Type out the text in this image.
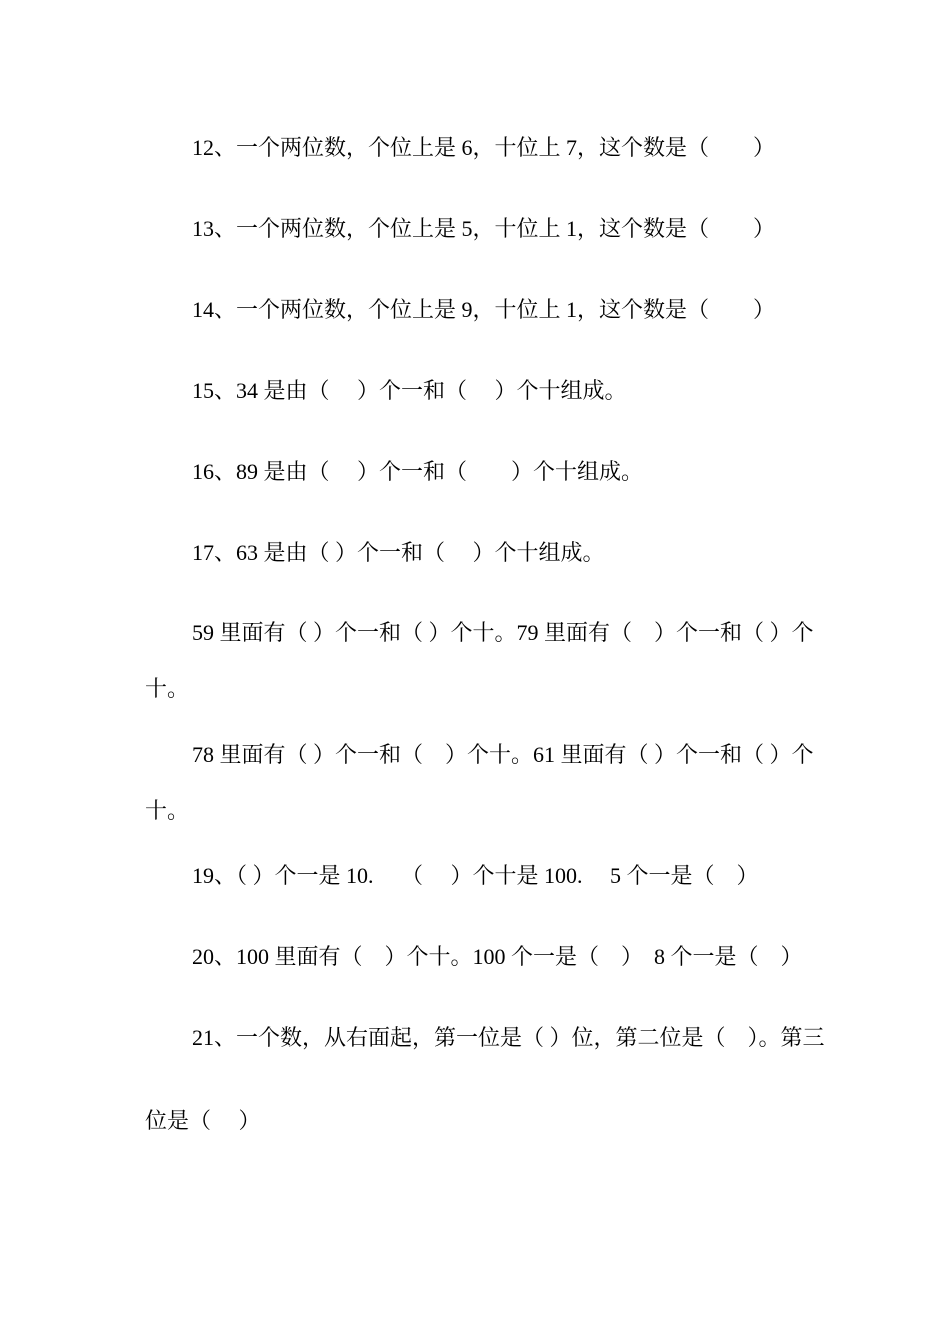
12、一个两位数，个位上是 6，十位上 7，这个数是（　　）
13、一个两位数，个位上是 5，十位上 1，这个数是（　　）
14、一个两位数，个位上是 9，十位上 1，这个数是（　　）
15、34 是由（　 ）个一和（　 ）个十组成。
16、89 是由（　 ）个一和（　　）个十组成。
17、63 是由（ ）个一和（　 ）个十组成。
59 里面有（ ）个一和（ ）个十。79 里面有（　）个一和（ ）个
十。
78 里面有（ ）个一和（　）个十。61 里面有（ ）个一和（ ）个
十。
19、（ ）个一是 10.　 （　 ）个十是 100.　 5 个一是（　）
20、100 里面有（　）个十。100 个一是（　）　8 个一是（　）
21、一个数，从右面起，第一位是（ ）位，第二位是（　）。第三
位是（　 ）
